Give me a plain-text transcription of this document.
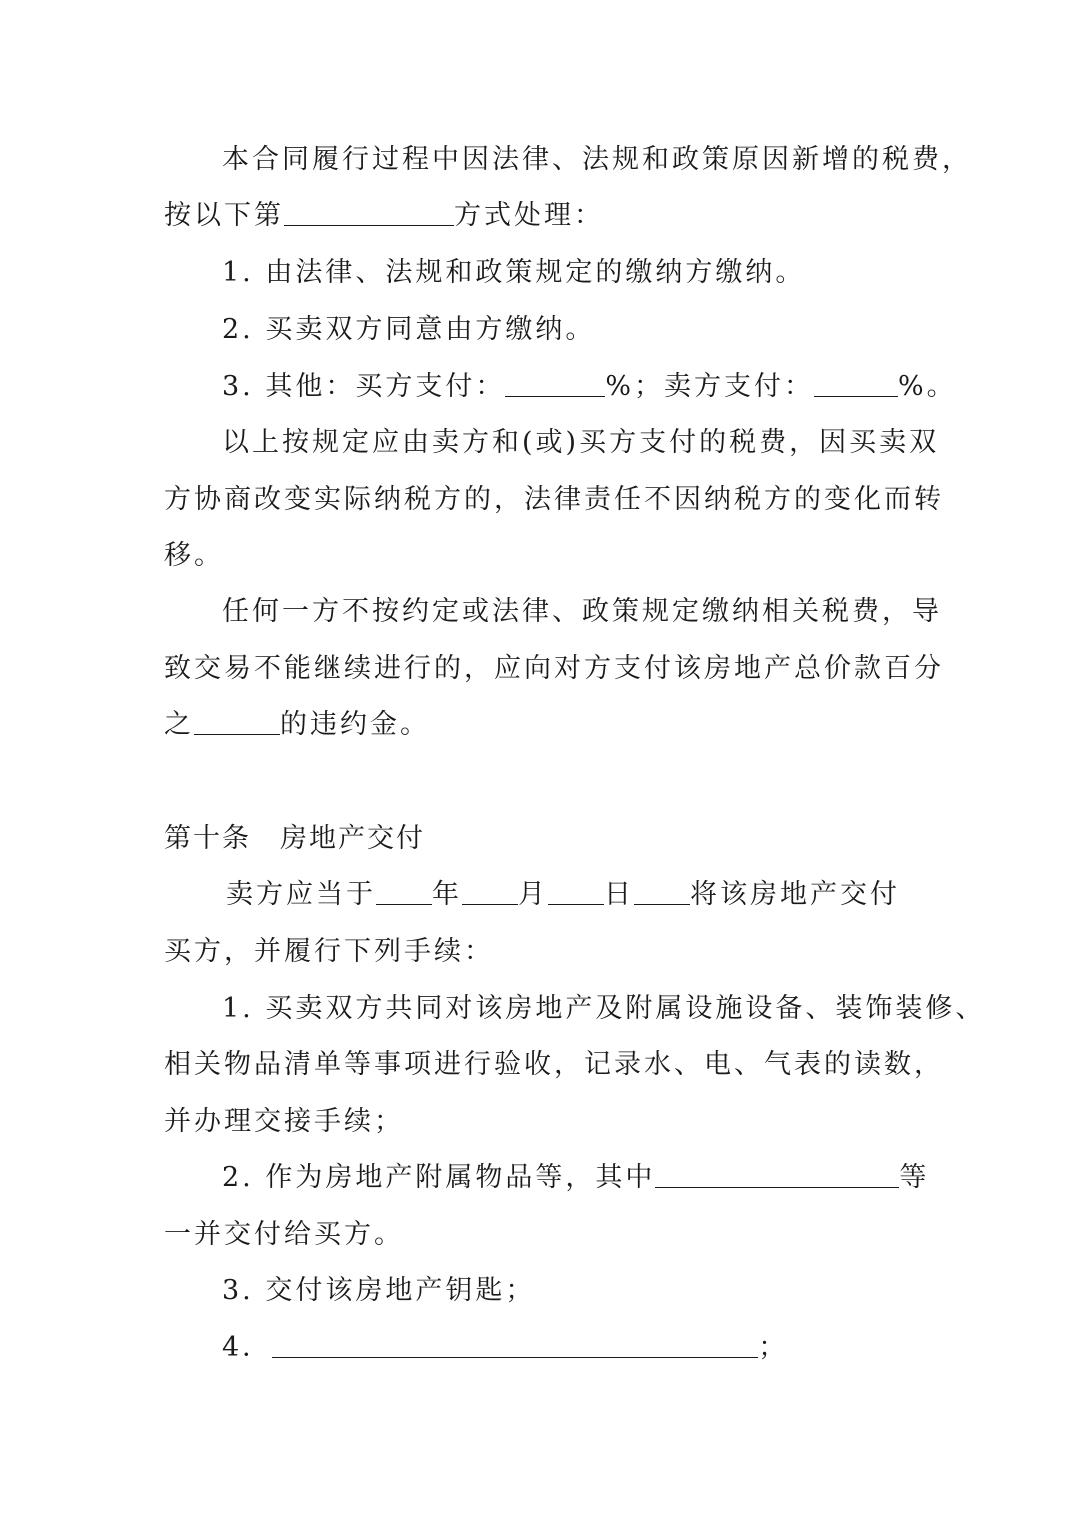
本合同履行过程中因法律、法规和政策原因新增的税费，
按以下第	方式处理：
1. 由法律、法规和政策规定的缴纳方缴纳。
2. 买卖双方同意由方缴纳。
3. 其他：买方支付：	%；卖方支付：	%。
以上按规定应由卖方和(或)买方支付的税费，因买卖双
方协商改变实际纳税方的，法律责任不因纳税方的变化而转
移。
任何一方不按约定或法律、政策规定缴纳相关税费，导
致交易不能继续进行的，应向对方支付该房地产总价款百分
之	的违约金。
第十条　房地产交付
卖方应当于 年 月 日 将该房地产交付
买方，并履行下列手续：
1. 买卖双方共同对该房地产及附属设施设备、装饰装修、
相关物品清单等事项进行验收，记录水、电、气表的读数，
并办理交接手续；
2. 作为房地产附属物品等，其中	等
一并交付给买方。
3. 交付该房地产钥匙；
4．	；
